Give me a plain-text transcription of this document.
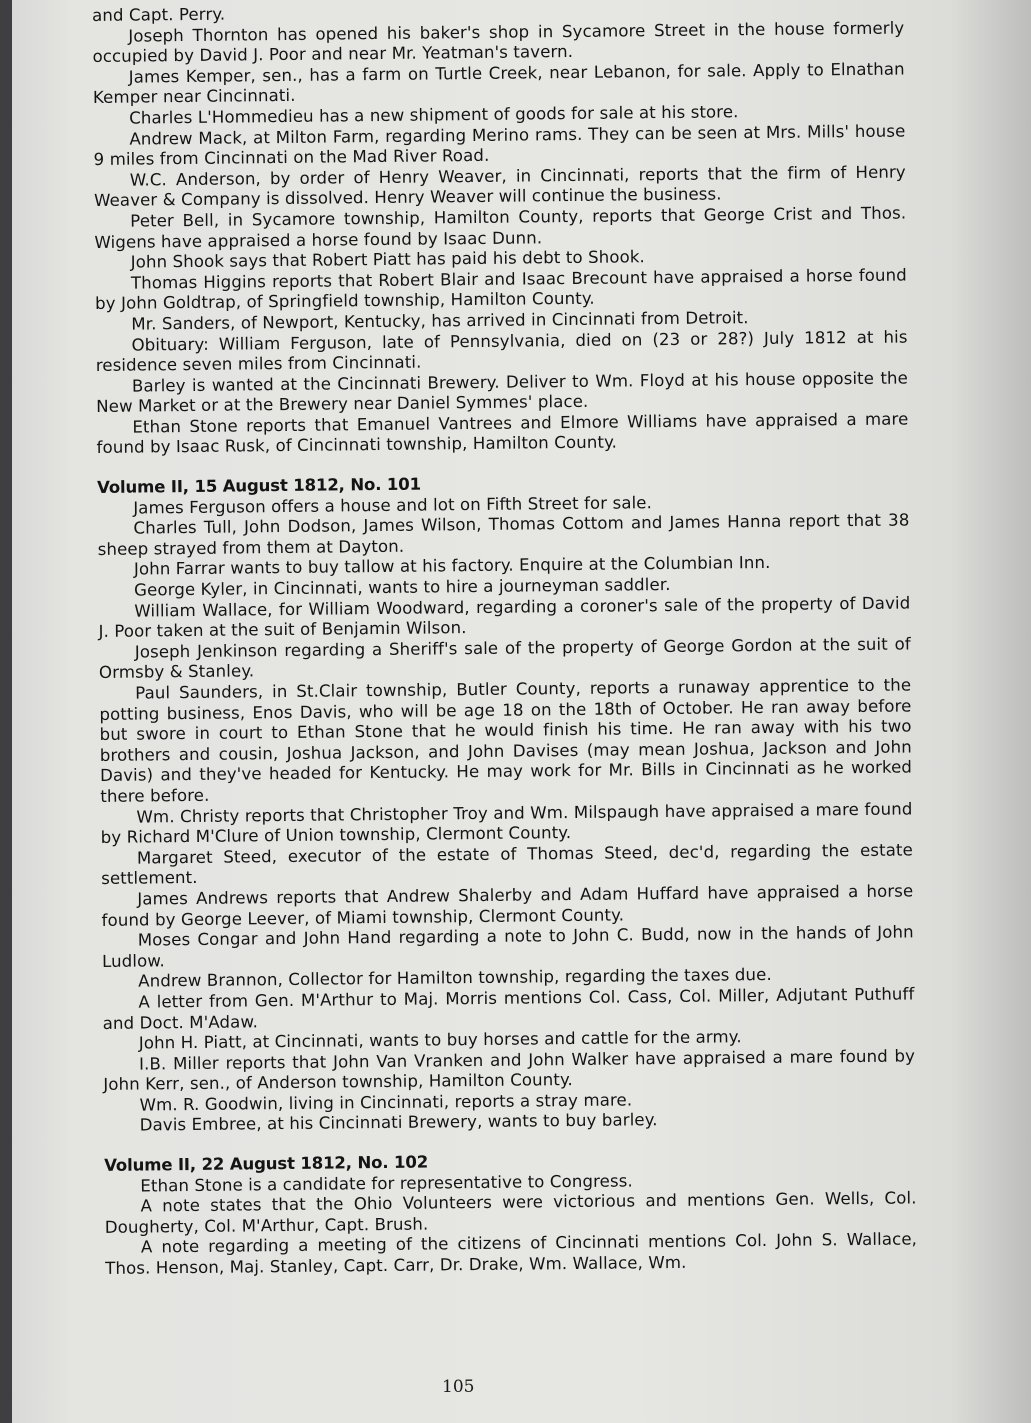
and Capt. Perry.

Joseph Thornton has opened his baker's shop in Sycamore Street in the house formerly occupied by David J. Poor and near Mr. Yeatman's tavern.

James Kemper, sen., has a farm on Turtle Creek, near Lebanon, for sale. Apply to Elnathan Kemper near Cincinnati.

Charles L'Hommedieu has a new shipment of goods for sale at his store.

Andrew Mack, at Milton Farm, regarding Merino rams. They can be seen at Mrs. Mills' house 9 miles from Cincinnati on the Mad River Road.

W.C. Anderson, by order of Henry Weaver, in Cincinnati, reports that the firm of Henry Weaver & Company is dissolved. Henry Weaver will continue the business.

Peter Bell, in Sycamore township, Hamilton County, reports that George Crist and Thos. Wigens have appraised a horse found by Isaac Dunn.

John Shook says that Robert Piatt has paid his debt to Shook.

Thomas Higgins reports that Robert Blair and Isaac Brecount have appraised a horse found by John Goldtrap, of Springfield township, Hamilton County.

Mr. Sanders, of Newport, Kentucky, has arrived in Cincinnati from Detroit.

Obituary: William Ferguson, late of Pennsylvania, died on (23 or 28?) July 1812 at his residence seven miles from Cincinnati.

Barley is wanted at the Cincinnati Brewery. Deliver to Wm. Floyd at his house opposite the New Market or at the Brewery near Daniel Symmes' place.

Ethan Stone reports that Emanuel Vantrees and Elmore Williams have appraised a mare found by Isaac Rusk, of Cincinnati township, Hamilton County.

Volume II, 15 August 1812, No. 101

James Ferguson offers a house and lot on Fifth Street for sale.

Charles Tull, John Dodson, James Wilson, Thomas Cottom and James Hanna report that 38 sheep strayed from them at Dayton.

John Farrar wants to buy tallow at his factory. Enquire at the Columbian Inn.

George Kyler, in Cincinnati, wants to hire a journeyman saddler.

William Wallace, for William Woodward, regarding a coroner's sale of the property of David J. Poor taken at the suit of Benjamin Wilson.

Joseph Jenkinson regarding a Sheriff's sale of the property of George Gordon at the suit of Ormsby & Stanley.

Paul Saunders, in St.Clair township, Butler County, reports a runaway apprentice to the potting business, Enos Davis, who will be age 18 on the 18th of October. He ran away before but swore in court to Ethan Stone that he would finish his time. He ran away with his two brothers and cousin, Joshua Jackson, and John Davises (may mean Joshua, Jackson and John Davis) and they've headed for Kentucky. He may work for Mr. Bills in Cincinnati as he worked there before.

Wm. Christy reports that Christopher Troy and Wm. Milspaugh have appraised a mare found by Richard M'Clure of Union township, Clermont County.

Margaret Steed, executor of the estate of Thomas Steed, dec'd, regarding the estate settlement.

James Andrews reports that Andrew Shalerby and Adam Huffard have appraised a horse found by George Leever, of Miami township, Clermont County.

Moses Congar and John Hand regarding a note to John C. Budd, now in the hands of John Ludlow.

Andrew Brannon, Collector for Hamilton township, regarding the taxes due.

A letter from Gen. M'Arthur to Maj. Morris mentions Col. Cass, Col. Miller, Adjutant Puthuff and Doct. M'Adaw.

John H. Piatt, at Cincinnati, wants to buy horses and cattle for the army.

I.B. Miller reports that John Van Vranken and John Walker have appraised a mare found by John Kerr, sen., of Anderson township, Hamilton County.

Wm. R. Goodwin, living in Cincinnati, reports a stray mare.

Davis Embree, at his Cincinnati Brewery, wants to buy barley.

Volume II, 22 August 1812, No. 102

Ethan Stone is a candidate for representative to Congress.

A note states that the Ohio Volunteers were victorious and mentions Gen. Wells, Col. Dougherty, Col. M'Arthur, Capt. Brush.

A note regarding a meeting of the citizens of Cincinnati mentions Col. John S. Wallace, Thos. Henson, Maj. Stanley, Capt. Carr, Dr. Drake, Wm. Wallace, Wm.

105
